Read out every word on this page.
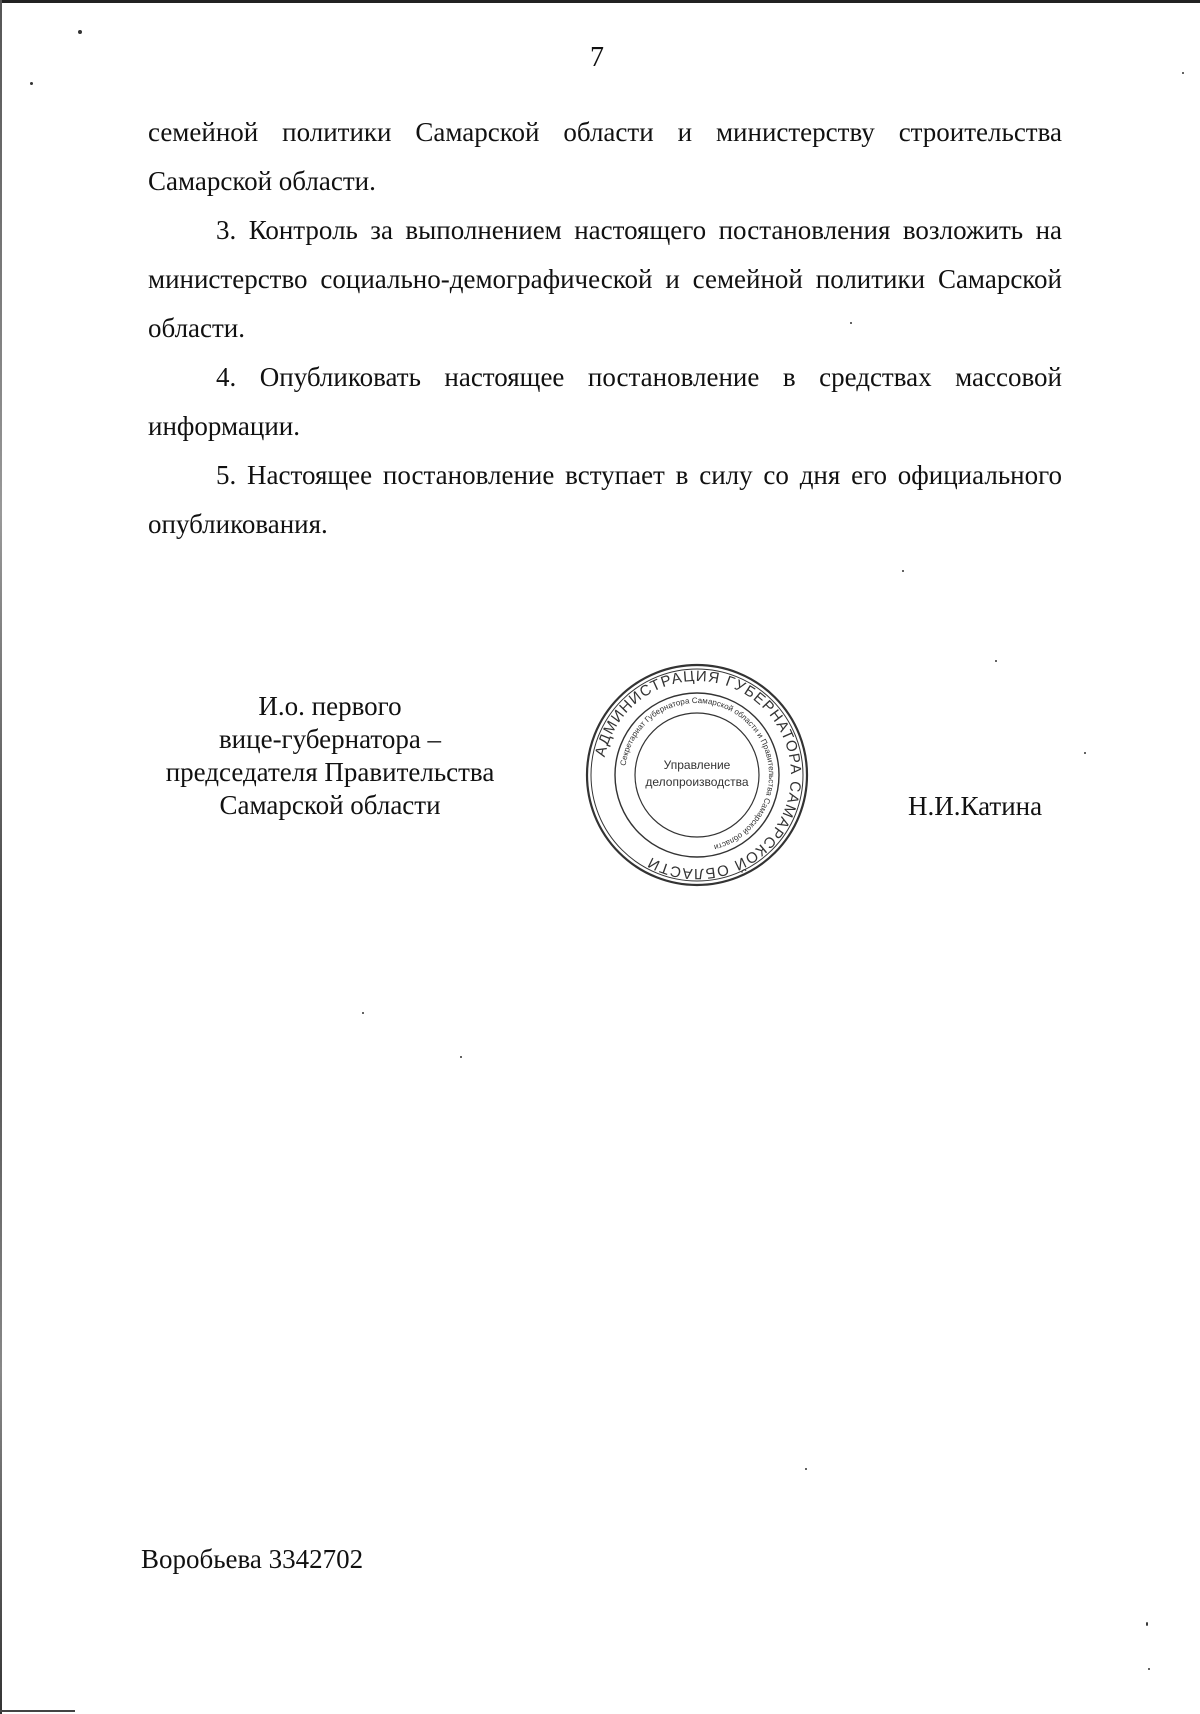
7

семейной политики Самарской области и министерству строительства Самарской области.

3. Контроль за выполнением настоящего постановления возложить на министерство социально-демографической и семейной политики Самарской области.

4. Опубликовать настоящее постановление в средствах массовой информации.

5. Настоящее постановление вступает в силу со дня его официального опубликования.

И.о. первого
вице-губернатора –
председателя Правительства
Самарской области
АДМИНИСТРАЦИЯ ГУБЕРНАТОРА САМАРСКОЙ ОБЛАСТИ
Секретариат Губернатора Самарской области и Правительства Самарской области
Управление
делопроизводства
Н.И.Катина
Воробьева 3342702
